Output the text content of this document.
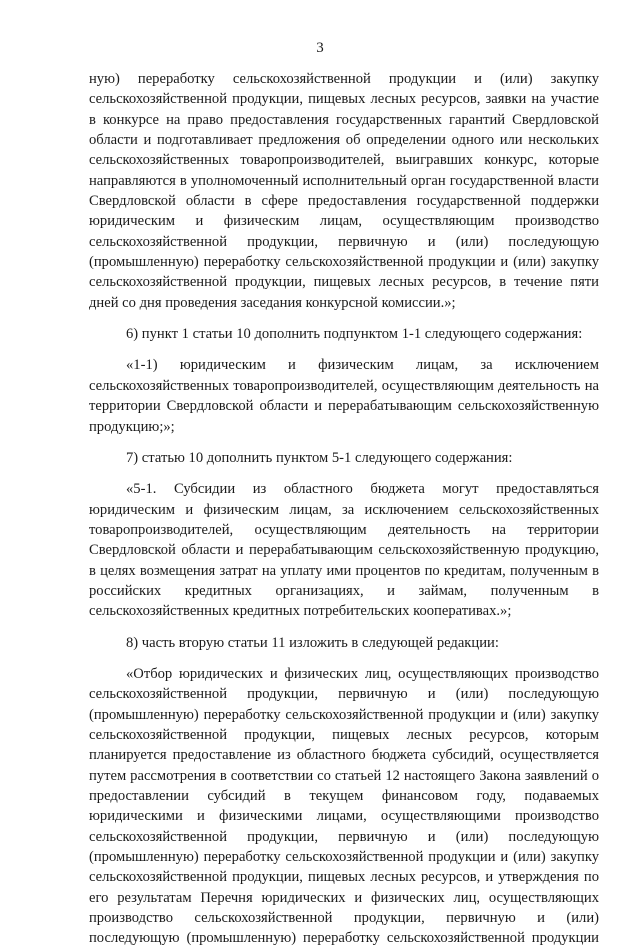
3

ную) переработку сельскохозяйственной продукции и (или) закупку сельскохозяйственной продукции, пищевых лесных ресурсов, заявки на участие в конкурсе на право предоставления государственных гарантий Свердловской области и подготавливает предложения об определении одного или нескольких сельскохозяйственных товаропроизводителей, выигравших конкурс, которые направляются в уполномоченный исполнительный орган государственной власти Свердловской области в сфере предоставления государственной поддержки юридическим и физическим лицам, осуществляющим производство сельскохозяйственной продукции, первичную и (или) последующую (промышленную) переработку сельскохозяйственной продукции и (или) закупку сельскохозяйственной продукции, пищевых лесных ресурсов, в течение пяти дней со дня проведения заседания конкурсной комиссии.»;

6) пункт 1 статьи 10 дополнить подпунктом 1-1 следующего содержания:

«1-1) юридическим и физическим лицам, за исключением сельскохозяйственных товаропроизводителей, осуществляющим деятельность на территории Свердловской области и перерабатывающим сельскохозяйственную продукцию;»;

7) статью 10 дополнить пунктом 5-1 следующего содержания:

«5-1. Субсидии из областного бюджета могут предоставляться юридическим и физическим лицам, за исключением сельскохозяйственных товаропроизводителей, осуществляющим деятельность на территории Свердловской области и перерабатывающим сельскохозяйственную продукцию, в целях возмещения затрат на уплату ими процентов по кредитам, полученным в российских кредитных организациях, и займам, полученным в сельскохозяйственных кредитных потребительских кооперативах.»;

8) часть вторую статьи 11 изложить в следующей редакции:

«Отбор юридических и физических лиц, осуществляющих производство сельскохозяйственной продукции, первичную и (или) последующую (промышленную) переработку сельскохозяйственной продукции и (или) закупку сельскохозяйственной продукции, пищевых лесных ресурсов, которым планируется предоставление из областного бюджета субсидий, осуществляется путем рассмотрения в соответствии со статьей 12 настоящего Закона заявлений о предоставлении субсидий в текущем финансовом году, подаваемых юридическими и физическими лицами, осуществляющими производство сельскохозяйственной продукции, первичную и (или) последующую (промышленную) переработку сельскохозяйственной продукции и (или) закупку сельскохозяйственной продукции, пищевых лесных ресурсов, и утверждения по его результатам Перечня юридических и физических лиц, осуществляющих производство сельскохозяйственной продукции, первичную и (или) последующую (промышленную) переработку сельскохозяйственной продукции
